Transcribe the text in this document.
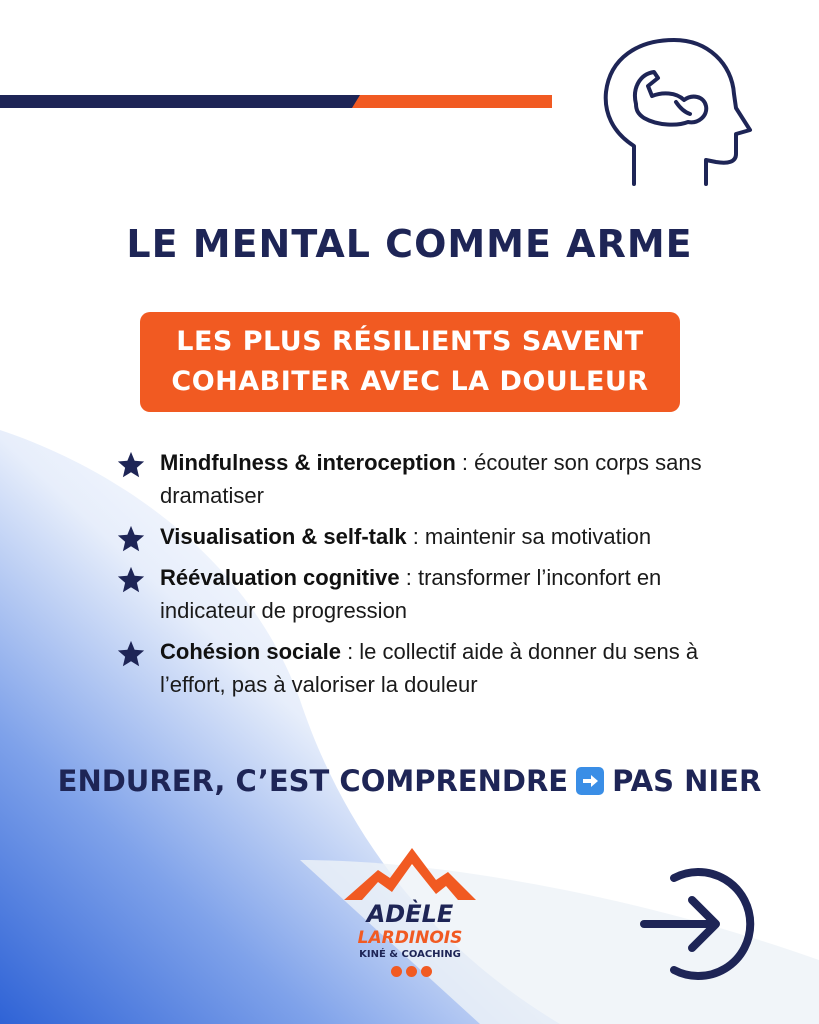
LE MENTAL COMME ARME
LES PLUS RÉSILIENTS SAVENT
COHABITER AVEC LA DOULEUR
Mindfulness & interoception : écouter son corps sans dramatiser
Visualisation & self-talk : maintenir sa motivation
Réévaluation cognitive : transformer l’inconfort en indicateur de progression
Cohésion sociale : le collectif aide à donner du sens à l’effort, pas à valoriser la douleur
ENDURER, C’EST COMPRENDRE PAS NIER
ADÈLE
LARDINOIS
KINÉ & COACHING
